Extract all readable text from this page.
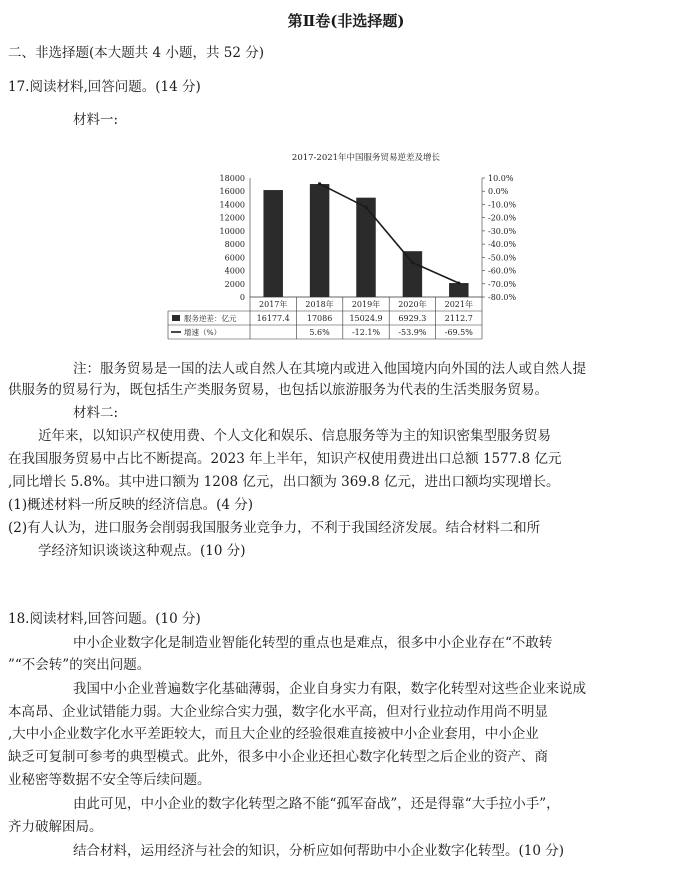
第Ⅱ卷(非选择题)
二、非选择题(本大题共 4 小题，共 52 分)
17.阅读材料,回答问题。(14 分)
材料一:
2017-2021年中国服务贸易逆差及增长
0
2000
4000
6000
8000
10000
12000
14000
16000
18000
-80.0%
-70.0%
-60.0%
-50.0%
-40.0%
-30.0%
-20.0%
-10.0%
0.0%
10.0%
2017年 2018年 2019年 2020年 2021年
服务逆差：亿元
增速（%）
16177.4 17086 15024.9 6929.3 2112.7
5.6%	-12.1% -53.9% -69.5%
注：服务贸易是一国的法人或自然人在其境内或进入他国境内向外国的法人或自然人提
供服务的贸易行为，既包括生产类服务贸易，也包括以旅游服务为代表的生活类服务贸易。
材料二:
近年来，以知识产权使用费、个人文化和娱乐、信息服务等为主的知识密集型服务贸易
在我国服务贸易中占比不断提高。2023 年上半年，知识产权使用费进出口总额 1577.8 亿元
,同比增长 5.8%。其中进口额为 1208 亿元，出口额为 369.8 亿元，进出口额均实现增长。
(1)概述材料一所反映的经济信息。(4 分)
(2)有人认为，进口服务会削弱我国服务业竞争力，不利于我国经济发展。结合材料二和所
学经济知识谈谈这种观点。(10 分)
18.阅读材料,回答问题。(10 分)
中小企业数字化是制造业智能化转型的重点也是难点，很多中小企业存在“不敢转
”“不会转”的突出问题。
我国中小企业普遍数字化基础薄弱，企业自身实力有限，数字化转型对这些企业来说成
本高昂、企业试错能力弱。大企业综合实力强，数字化水平高，但对行业拉动作用尚不明显
,大中小企业数字化水平差距较大，而且大企业的经验很难直接被中小企业套用，中小企业
缺乏可复制可参考的典型模式。此外，很多中小企业还担心数字化转型之后企业的资产、商
业秘密等数据不安全等后续问题。
由此可见，中小企业的数字化转型之路不能“孤军奋战”，还是得靠“大手拉小手”，
齐力破解困局。
结合材料，运用经济与社会的知识，分析应如何帮助中小企业数字化转型。(10 分)
